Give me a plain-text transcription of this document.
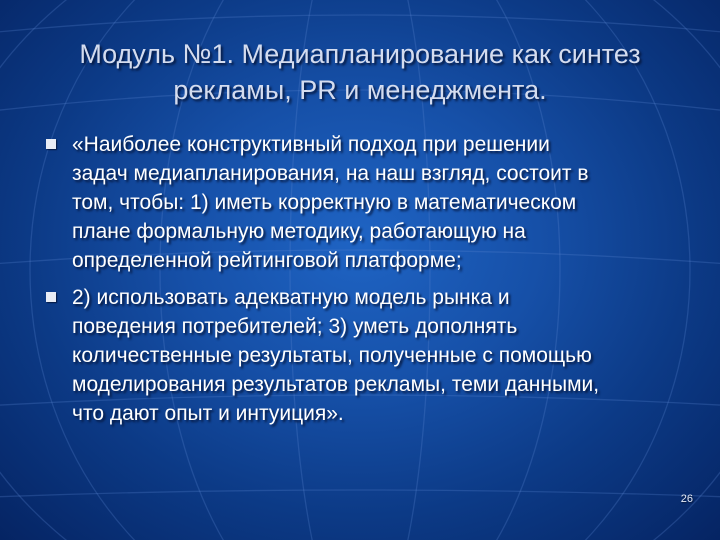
Модуль №1. Медиапланирование как синтез
рекламы, PR и менеджмента.
«Наиболее конструктивный подход при решении
задач медиапланирования, на наш взгляд, состоит в
том, чтобы: 1) иметь корректную в математическом
плане формальную методику, работающую на
определенной рейтинговой платформе;
2) использовать адекватную модель рынка и
поведения потребителей; 3) уметь дополнять
количественные результаты, полученные с помощью
моделирования результатов рекламы, теми данными,
что дают опыт и интуиция».
26
